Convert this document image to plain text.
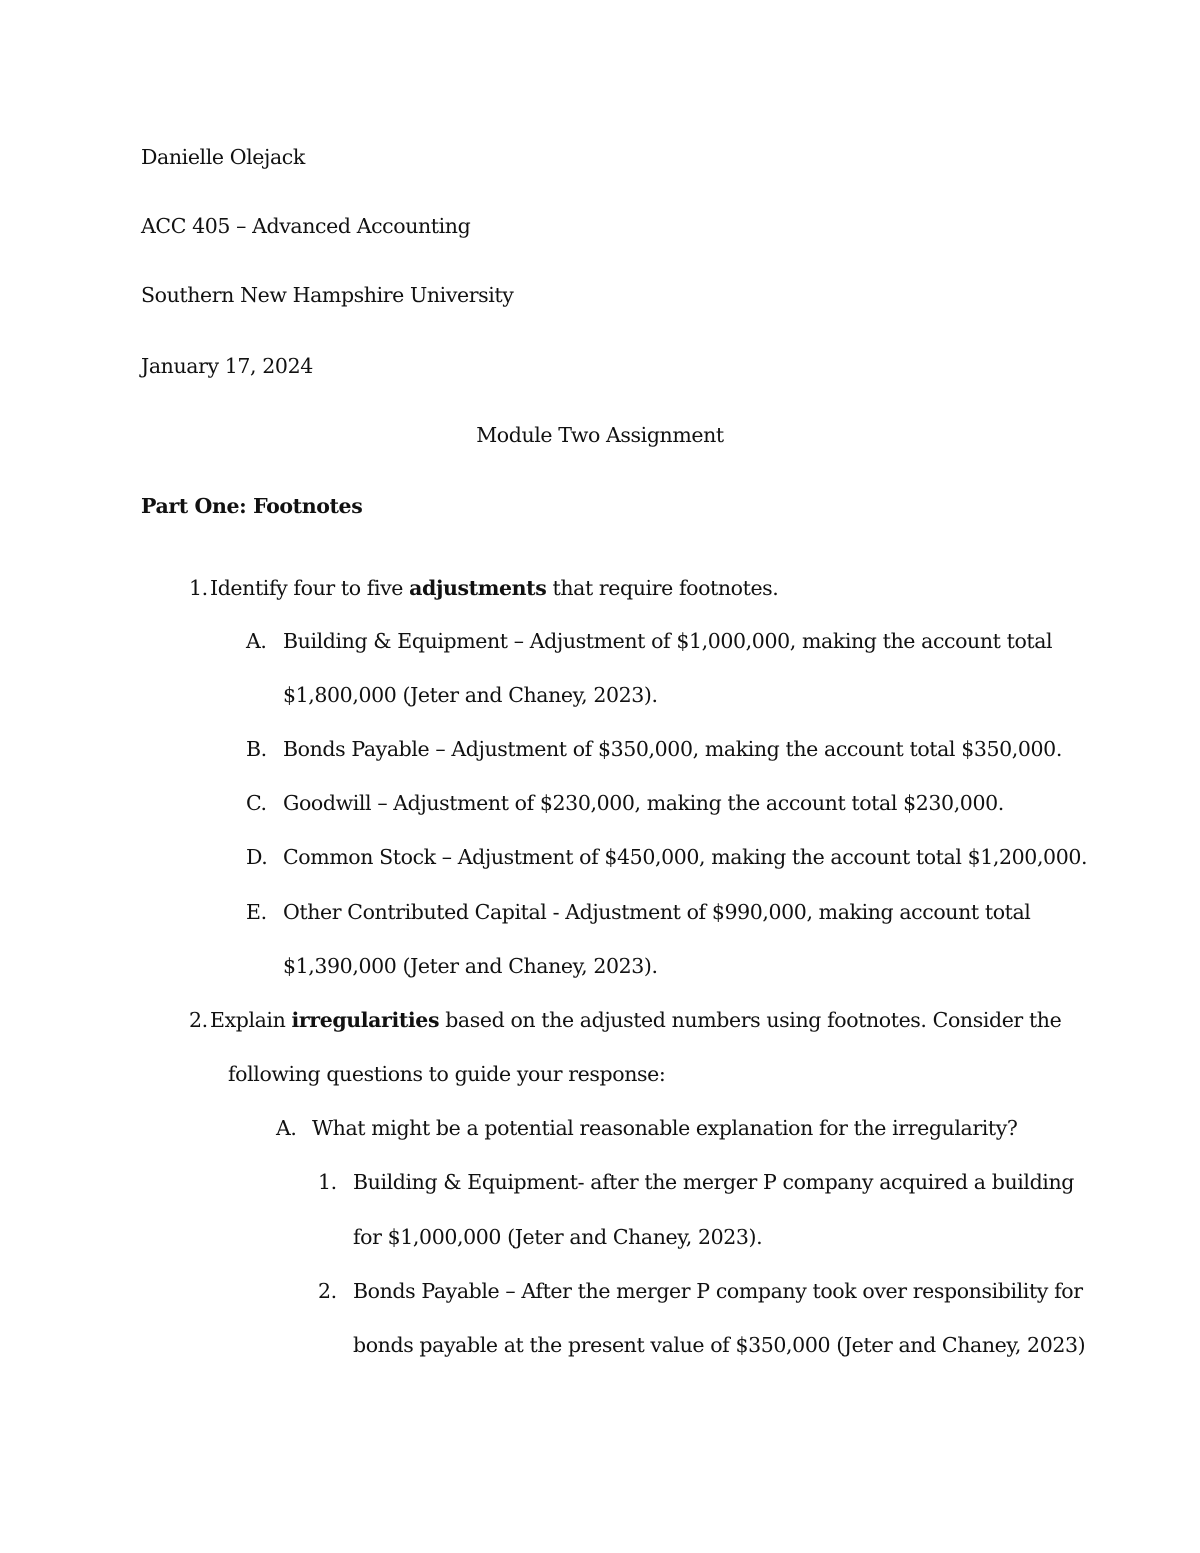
Danielle Olejack
ACC 405 – Advanced Accounting
Southern New Hampshire University
January 17, 2024
Module Two Assignment
Part One: Footnotes
1. Identify four to five adjustments that require footnotes.
A. Building & Equipment – Adjustment of $1,000,000, making the account total
$1,800,000 (Jeter and Chaney, 2023).
B. Bonds Payable – Adjustment of $350,000, making the account total $350,000.
C. Goodwill – Adjustment of $230,000, making the account total $230,000.
D. Common Stock – Adjustment of $450,000, making the account total $1,200,000.
E. Other Contributed Capital - Adjustment of $990,000, making account total
$1,390,000 (Jeter and Chaney, 2023).
2. Explain irregularities based on the adjusted numbers using footnotes. Consider the
following questions to guide your response:
A. What might be a potential reasonable explanation for the irregularity?
1. Building & Equipment- after the merger P company acquired a building
for $1,000,000 (Jeter and Chaney, 2023).
2. Bonds Payable – After the merger P company took over responsibility for
bonds payable at the present value of $350,000 (Jeter and Chaney, 2023)
